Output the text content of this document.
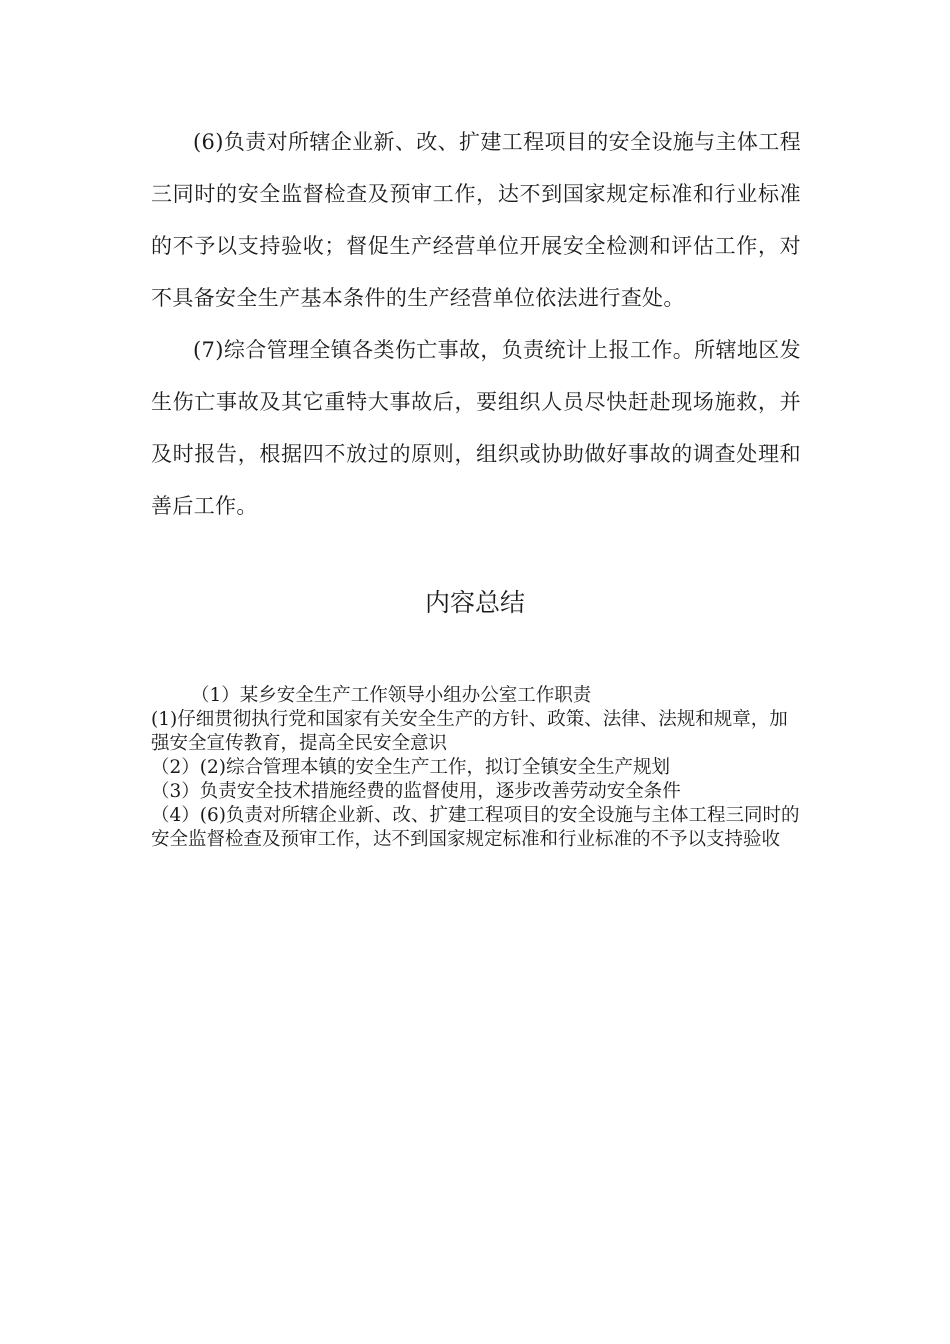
(6)负责对所辖企业新、改、扩建工程项目的安全设施与主体工程三同时的安全监督检查及预审工作，达不到国家规定标准和行业标准的不予以支持验收；督促生产经营单位开展安全检测和评估工作，对不具备安全生产基本条件的生产经营单位依法进行查处。

(7)综合管理全镇各类伤亡事故，负责统计上报工作。所辖地区发生伤亡事故及其它重特大事故后，要组织人员尽快赶赴现场施救，并及时报告，根据四不放过的原则，组织或协助做好事故的调查处理和善后工作。

内容总结

（1）某乡安全生产工作领导小组办公室工作职责

(1)仔细贯彻执行党和国家有关安全生产的方针、政策、法律、法规和规章，加强安全宣传教育，提高全民安全意识

（2）(2)综合管理本镇的安全生产工作，拟订全镇安全生产规划

（3）负责安全技术措施经费的监督使用，逐步改善劳动安全条件

（4）(6)负责对所辖企业新、改、扩建工程项目的安全设施与主体工程三同时的安全监督检查及预审工作，达不到国家规定标准和行业标准的不予以支持验收
